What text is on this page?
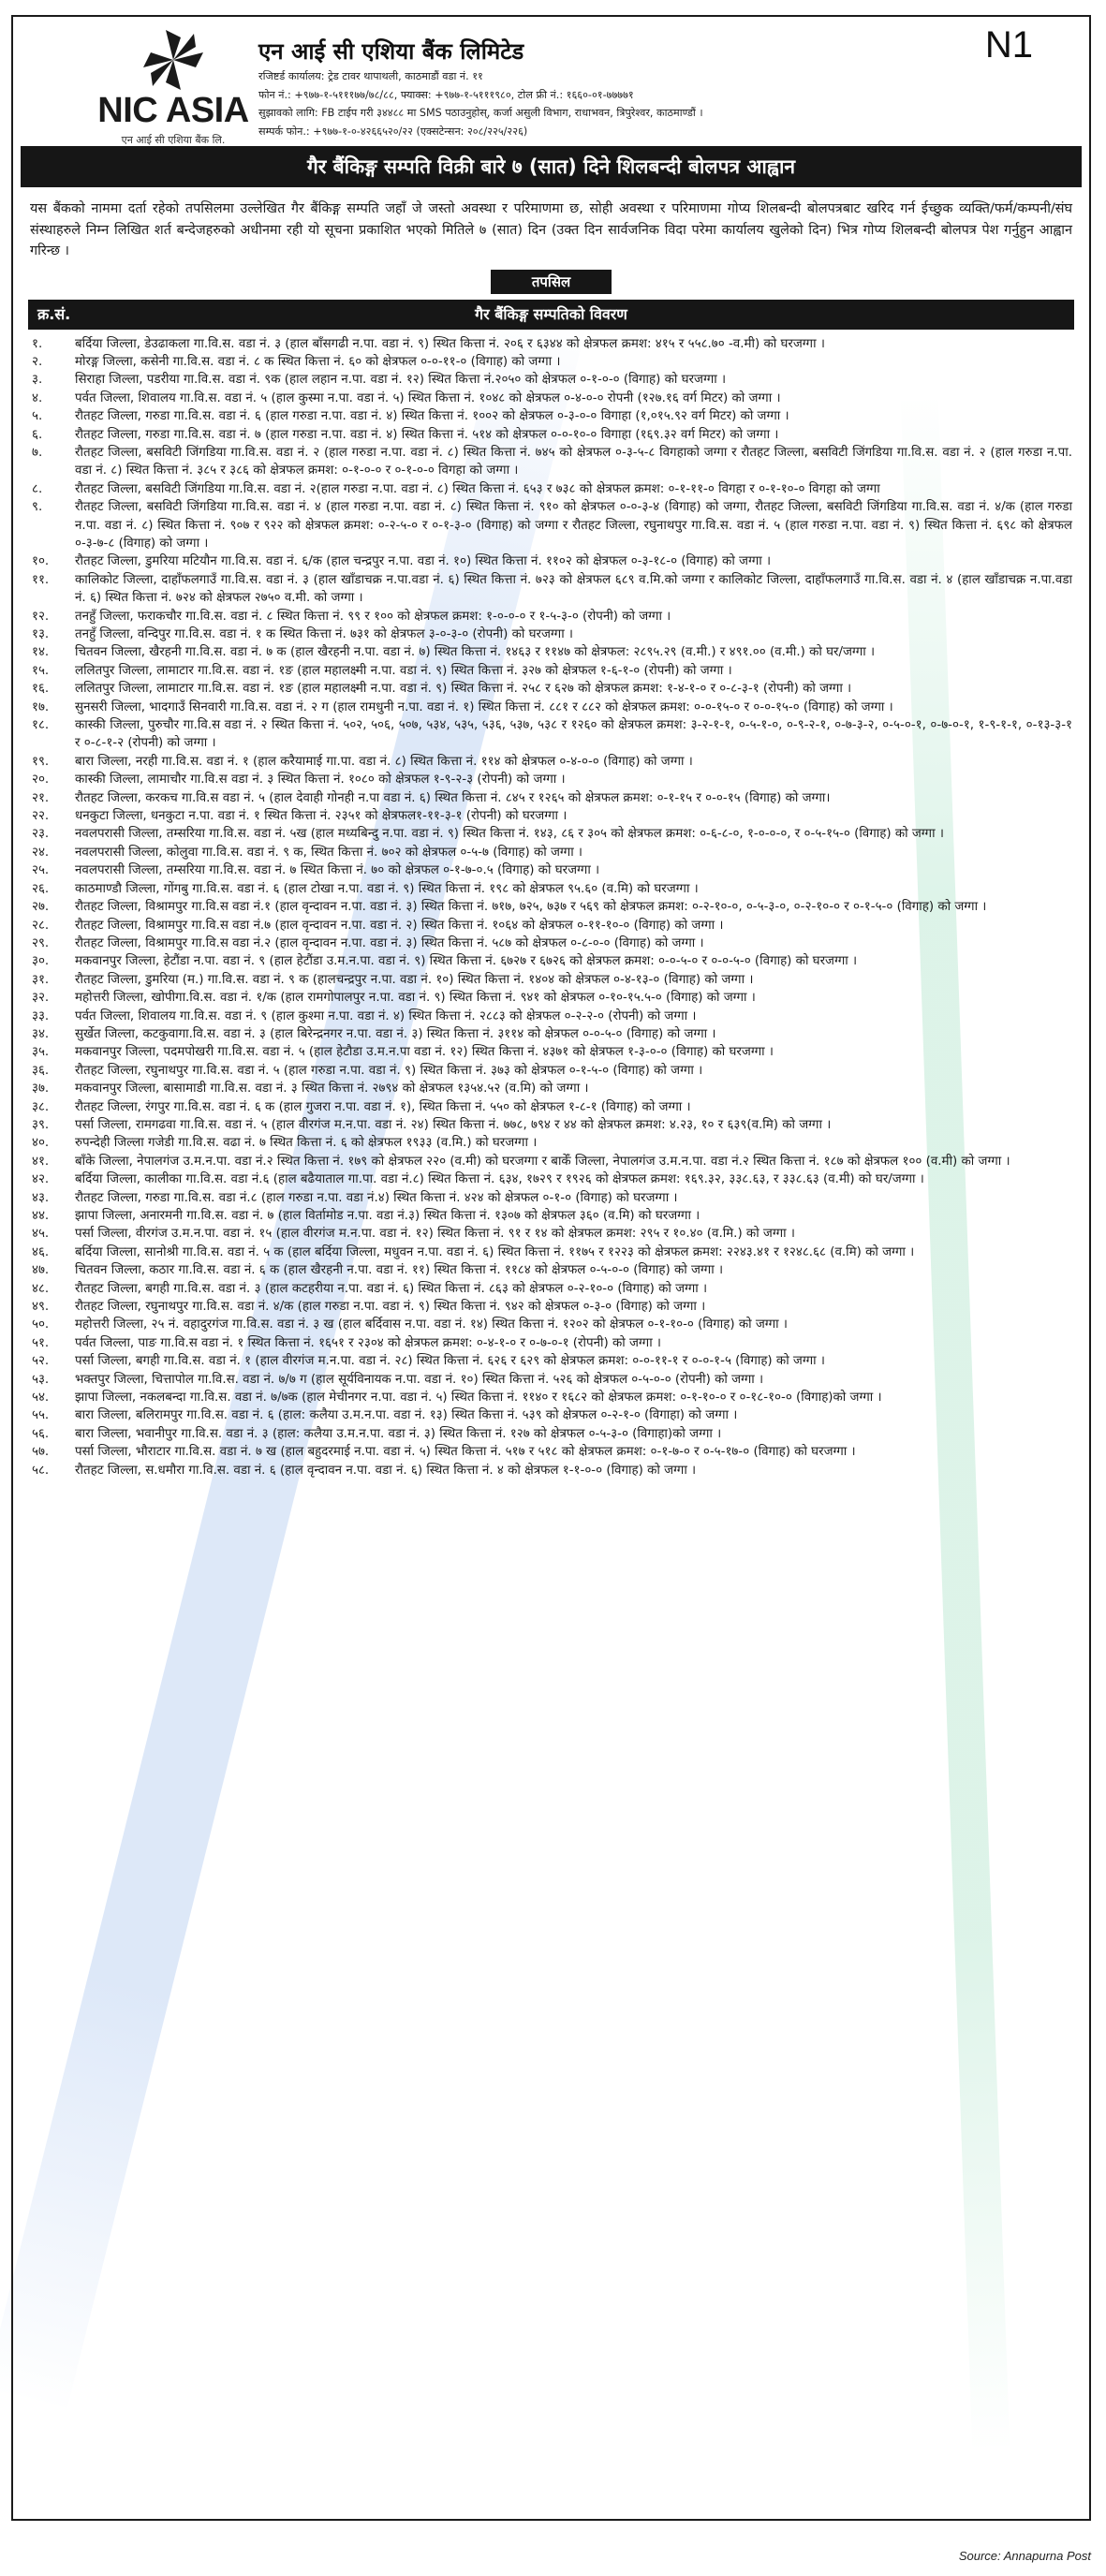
NIC ASIA
एन आई सी एशिया बैंक लि.
एन आई सी एशिया बैंक लिमिटेड
रजिष्टर्ड कार्यालय: ट्रेड टावर थापाथली, काठमाडौं वडा नं. ११
फोन नं.: +९७७-१-५१११७७/७८/८८, फ्याक्स: +९७७-१-५१११९८०, टोल फ्री नं.: १६६०-०१-७७७७१
सुझावको लागि: FB टाईप गरी ३४४८८ मा SMS पठाउनुहोस्, कर्जा असुली विभाग, राधाभवन, त्रिपुरेश्वर, काठमाण्डौं ।
सम्पर्क फोन.: +९७७-१-०-४२६६५२०/२२ (एक्सटेन्सन: २०८/२२५/२२६)
N1
गैर बैंकिङ्ग सम्पति विक्री बारे ७ (सात) दिने शिलबन्दी बोलपत्र आह्वान

यस बैंकको नाममा दर्ता रहेको तपसिलमा उल्लेखित गैर बैंकिङ्ग सम्पति जहाँ जे जस्तो अवस्था र परिमाणमा छ, सोही अवस्था र परिमाणमा गोप्य शिलबन्दी बोलपत्रबाट खरिद गर्न ईच्छुक व्यक्ति/फर्म/कम्पनी/संघ संस्थाहरुले निम्न लिखित शर्त बन्देजहरुको अधीनमा रही यो सूचना प्रकाशित भएको मितिले ७ (सात) दिन (उक्त दिन सार्वजनिक विदा परेमा कार्यालय खुलेको दिन) भित्र गोप्य शिलबन्दी बोलपत्र पेश गर्नुहुन आह्वान गरिन्छ ।

तपसिल
गैर बैंकिङ्ग सम्पतिको विवरण
क्र.सं.
१.	बर्दिया जिल्ला, डेउढाकला गा.वि.स. वडा नं. ३ (हाल बाँसगढी न.पा. वडा नं. ९) स्थित कित्ता नं. २०६ र ६३४४ को क्षेत्रफल क्रमश: ४१५ र ५५८.७० -व.मी) को घरजग्गा ।
२.	मोरङ्ग जिल्ला, कसेनी गा.वि.स. वडा नं. ८ क स्थित कित्ता नं. ६० को क्षेत्रफल ०-०-११-० (विगाह) को जग्गा ।
३.	सिराहा जिल्ला, पडरीया गा.वि.स. वडा नं. ९क (हाल लहान न.पा. वडा नं. १२) स्थित कित्ता नं.२०५० को क्षेत्रफल ०-१-०-० (विगाह) को घरजग्गा ।
४.	पर्वत जिल्ला, शिवालय गा.वि.स. वडा नं. ५ (हाल कुस्मा न.पा. वडा नं. ५) स्थित कित्ता नं. १०४८ को क्षेत्रफल ०-४-०-० रोपनी (१२७.१६ वर्ग मिटर) को जग्गा ।
५.	रौतहट जिल्ला, गरुडा गा.वि.स. वडा नं. ६ (हाल गरुडा न.पा. वडा नं. ४) स्थित कित्ता नं. १००२ को क्षेत्रफल ०-३-०-० विगाहा (१,०१५.९२ वर्ग मिटर) को जग्गा ।
६.	रौतहट जिल्ला, गरुडा गा.वि.स. वडा नं. ७ (हाल गरुडा न.पा. वडा नं. ४) स्थित कित्ता नं. ५१४ को क्षेत्रफल ०-०-१०-० विगाहा (१६९.३२ वर्ग मिटर) को जग्गा ।
७.	रौतहट जिल्ला, बसविटी जिंगडिया गा.वि.स. वडा नं. २ (हाल गरुडा न.पा. वडा नं. ८) स्थित कित्ता नं. ७४५ को क्षेत्रफल ०-३-५-८ विगहाको जग्गा र रौतहट जिल्ला, बसविटी जिंगडिया गा.वि.स. वडा नं. २ (हाल गरुडा न.पा. वडा नं. ८) स्थित कित्ता नं. ३८५ र ३८६ को क्षेत्रफल क्रमश: ०-१-०-० र ०-१-०-० विगहा को जग्गा ।
८.	रौतहट जिल्ला, बसविटी जिंगडिया गा.वि.स. वडा नं. २(हाल गरुडा न.पा. वडा नं. ८) स्थित कित्ता नं. ६५३ र ७३८ को क्षेत्रफल क्रमश: ०-१-११-० विगहा र ०-१-१०-० विगहा को जग्गा
९.	रौतहट जिल्ला, बसविटी जिंगडिया गा.वि.स. वडा नं. ४ (हाल गरुडा न.पा. वडा नं. ८) स्थित कित्ता नं. ९१० को क्षेत्रफल ०-०-३-४ (विगाह) को जग्गा, रौतहट जिल्ला, बसविटी जिंगडिया गा.वि.स. वडा नं. ४/क (हाल गरुडा न.पा. वडा नं. ८) स्थित कित्ता नं. ९०७ र ९२२ को क्षेत्रफल क्रमश: ०-२-५-० र ०-१-३-० (विगाह) को जग्गा र रौतहट जिल्ला, रघुनाथपुर गा.वि.स. वडा नं. ५ (हाल गरुडा न.पा. वडा नं. ९) स्थित कित्ता नं. ६९८ को क्षेत्रफल ०-३-७-८ (विगाह) को जग्गा ।
१०.	रौतहट जिल्ला, डुमरिया मटियौन गा.वि.स. वडा नं. ६/क (हाल चन्द्रपुर न.पा. वडा नं. १०) स्थित कित्ता नं. ११०२ को क्षेत्रफल ०-३-१८-० (विगाह) को जग्गा ।
११.	कालिकोट जिल्ला, दाहाँफलगाउँ गा.वि.स. वडा नं. ३ (हाल खाँडाचक्र न.पा.वडा नं. ६) स्थित कित्ता नं. ७२३ को क्षेत्रफल ६८९ व.मि.को जग्गा र कालिकोट जिल्ला, दाहाँफलगाउँ गा.वि.स. वडा नं. ४ (हाल खाँडाचक्र न.पा.वडा नं. ६) स्थित कित्ता नं. ७२४ को क्षेत्रफल २७५० व.मी. को जग्गा ।
१२.	तनहुँ जिल्ला, फराकचौर गा.वि.स. वडा नं. ८ स्थित कित्ता नं. ९९ र १०० को क्षेत्रफल क्रमश: १-०-०-० र १-५-३-० (रोपनी) को जग्गा ।
१३.	तनहुँ जिल्ला, वन्दिपुर गा.वि.स. वडा नं. १ क स्थित कित्ता नं. ७३१ को क्षेत्रफल ३-०-३-० (रोपनी) को घरजग्गा ।
१४.	चितवन जिल्ला, खैरहनी गा.वि.स. वडा नं. ७ क (हाल खैरहनी न.पा. वडा नं. ७) स्थित कित्ता नं. १४६३ र ११४७ को क्षेत्रफल: २८९५.२९ (व.मी.) र ४९१.०० (व.मी.) को घर/जग्गा ।
१५.	ललितपुर जिल्ला, लामाटार गा.वि.स. वडा नं. १ङ (हाल महालक्ष्मी न.पा. वडा नं. ९) स्थित कित्ता नं. ३२७ को क्षेत्रफल १-६-१-० (रोपनी) को जग्गा ।
१६.	ललितपुर जिल्ला, लामाटार गा.वि.स. वडा नं. १ङ (हाल महालक्ष्मी न.पा. वडा नं. ९) स्थित कित्ता नं. २५८ र ६२७ को क्षेत्रफल क्रमश: १-४-१-० र ०-८-३-१ (रोपनी) को जग्गा ।
१७.	सुनसरी जिल्ला, भादगाउँ सिनवारी गा.वि.स. वडा नं. २ ग (हाल रामधुनी न.पा. वडा नं. १) स्थित कित्ता नं. ८८१ र ८८२ को क्षेत्रफल क्रमश: ०-०-१५-० र ०-०-१५-० (विगाह) को जग्गा ।
१८.	कास्की जिल्ला, पुरुचौर गा.वि.स वडा नं. २ स्थित कित्ता नं. ५०२, ५०६, ५०७, ५३४, ५३५, ५३६, ५३७, ५३८ र १२६० को क्षेत्रफल क्रमश: ३-२-१-१, ०-५-१-०, ०-९-२-१, ०-७-३-२, ०-५-०-१, ०-७-०-१, १-९-१-१, ०-१३-३-१ र ०-८-१-२ (रोपनी) को जग्गा ।
१९.	बारा जिल्ला, नरही गा.वि.स. वडा नं. १ (हाल करैयामाई गा.पा. वडा नं. ८) स्थित कित्ता नं. ११४ को क्षेत्रफल ०-४-०-० (विगाह) को जग्गा ।
२०.	कास्की जिल्ला, लामाचौर गा.वि.स वडा नं. ३ स्थित कित्ता नं. १०८० को क्षेत्रफल १-९-२-३ (रोपनी) को जग्गा ।
२१.	रौतहट जिल्ला, करकच गा.वि.स वडा नं. ५ (हाल देवाही गोनही न.पा वडा नं. ६) स्थित कित्ता नं. ८४५ र १२६५ को क्षेत्रफल क्रमश: ०-१-१५ र ०-०-१५ (विगाह) को जग्गा।
२२.	धनकुटा जिल्ला, धनकुटा न.पा. वडा नं. १ स्थित कित्ता नं. २३५१ को क्षेत्रफल१-११-३-१ (रोपनी) को घरजग्गा ।
२३.	नवलपरासी जिल्ला, तम्सरिया गा.वि.स. वडा नं. ५ख (हाल मध्यबिन्दु न.पा. वडा नं. ९) स्थित कित्ता नं. १४३, ८६ र ३०५ को क्षेत्रफल क्रमश: ०-६-८-०, १-०-०-०, र ०-५-१५-० (विगाह) को जग्गा ।
२४.	नवलपरासी जिल्ला, कोलुवा गा.वि.स. वडा नं. ९ क, स्थित कित्ता नं. ७०२ को क्षेत्रफल ०-५-७ (विगाह) को जग्गा ।
२५.	नवलपरासी जिल्ला, तम्सरिया गा.वि.स. वडा नं. ७ स्थित कित्ता नं. ७० को क्षेत्रफल ०-१-७-०.५ (विगाह) को घरजग्गा ।
२६.	काठमाण्डौ जिल्ला, गोंगबु गा.वि.स. वडा नं. ६ (हाल टोखा न.पा. वडा नं. ९) स्थित कित्ता नं. १९८ को क्षेत्रफल ९५.६० (व.मि) को घरजग्गा ।
२७.	रौतहट जिल्ला, विश्रामपुर गा.वि.स वडा नं.१ (हाल वृन्दावन न.पा. वडा नं. ३) स्थित कित्ता नं. ७१७, ७२५, ७३७ र ५६९ को क्षेत्रफल क्रमश: ०-२-१०-०, ०-५-३-०, ०-२-१०-० र ०-१-५-० (विगाह) को जग्गा ।
२८.	रौतहट जिल्ला, विश्रामपुर गा.वि.स वडा नं.७ (हाल वृन्दावन न.पा. वडा नं. २) स्थित कित्ता नं. १०६४ को क्षेत्रफल ०-११-१०-० (विगाह) को जग्गा ।
२९.	रौतहट जिल्ला, विश्रामपुर गा.वि.स वडा नं.२ (हाल वृन्दावन न.पा. वडा नं. ३) स्थित कित्ता नं. ५८७ को क्षेत्रफल ०-८-०-० (विगाह) को जग्गा ।
३०.	मकवानपुर जिल्ला, हेटौंडा न.पा. वडा नं. ९ (हाल हेटौंडा उ.म.न.पा. वडा नं. ९) स्थित कित्ता नं. ६७२७ र ६७२६ को क्षेत्रफल क्रमश: ०-०-५-० र ०-०-५-० (विगाह) को घरजग्गा ।
३१.	रौतहट जिल्ला, डुमरिया (म.) गा.वि.स. वडा नं. ९ क (हालचन्द्रपुर न.पा. वडा नं. १०) स्थित कित्ता नं. १४०४ को क्षेत्रफल ०-४-१३-० (विगाह) को जग्गा ।
३२.	महोत्तरी जिल्ला, खोपीगा.वि.स. वडा नं. १/क (हाल रामगोपालपुर न.पा. वडा नं. ९) स्थित कित्ता नं. ९४१ को क्षेत्रफल ०-१०-१५.५-० (विगाह) को जग्गा ।
३३.	पर्वत जिल्ला, शिवालय गा.वि.स. वडा नं. ९ (हाल कुश्मा न.पा. वडा नं. ४) स्थित कित्ता नं. २८८३ को क्षेत्रफल ०-२-२-० (रोपनी) को जग्गा ।
३४.	सुर्खेत जिल्ला, कटकुवागा.वि.स. वडा नं. ३ (हाल बिरेन्द्रनगर न.पा. वडा नं. ३) स्थित कित्ता नं. ३११४ को क्षेत्रफल ०-०-५-० (विगाह) को जग्गा ।
३५.	मकवानपुर जिल्ला, पदमपोखरी गा.वि.स. वडा नं. ५ (हाल हेटौडा उ.म.न.पा वडा नं. १२) स्थित कित्ता नं. ४३७१ को क्षेत्रफल १-३-०-० (विगाह) को घरजग्गा ।
३६.	रौतहट जिल्ला, रघुनाथपुर गा.वि.स. वडा नं. ५ (हाल गरुडा न.पा. वडा नं. ९) स्थित कित्ता नं. ३७३ को क्षेत्रफल ०-१-५-० (विगाह) को जग्गा ।
३७.	मकवानपुर जिल्ला, बासामाडी गा.वि.स. वडा नं. ३ स्थित कित्ता नं. २७९४ को क्षेत्रफल १३५४.५२ (व.मि) को जग्गा ।
३८.	रौतहट जिल्ला, रंगपुर गा.वि.स. वडा नं. ६ क (हाल गुजरा न.पा. वडा नं. १), स्थित कित्ता नं. ५५० को क्षेत्रफल १-८-१ (विगाह) को जग्गा ।
३९.	पर्सा जिल्ला, रामगढवा गा.वि.स. वडा नं. ५ (हाल वीरगंज म.न.पा. वडा नं. २४) स्थित कित्ता नं. ७७८, ७९४ र ४४ को क्षेत्रफल क्रमश: ४.२३, १० र ६३९(व.मि) को जग्गा ।
४०.	रुपन्देही जिल्ला गजेडी गा.वि.स. वढा नं. ७ स्थित कित्ता नं. ६ को क्षेत्रफल १९३३ (व.मि.) को घरजग्गा ।
४१.	बाँके जिल्ला, नेपालगंज उ.म.न.पा. वडा नं.२ स्थित कित्ता नं. १७९ को क्षेत्रफल २२० (व.मी) को घरजग्गा र बाकेँ जिल्ला, नेपालगंज उ.म.न.पा. वडा नं.२ स्थित कित्ता नं. १८७ को क्षेत्रफल १०० (व.मी) को जग्गा ।
४२.	बर्दिया जिल्ला, कालीका गा.वि.स. वडा नं.६ (हाल बढैयाताल गा.पा. वडा नं.८) स्थित कित्ता नं. ६३४, १७२९ र १९२६ को क्षेत्रफल क्रमश: १६९.३२, ३३८.६३, र ३३८.६३ (व.मी) को घर/जग्गा ।
४३.	रौतहट जिल्ला, गरुडा गा.वि.स. वडा नं.८ (हाल गरुडा न.पा. वडा नं.४) स्थित कित्ता नं. ४२४ को क्षेत्रफल ०-१-० (विगाह) को घरजग्गा ।
४४.	झापा जिल्ला, अनारमनी गा.वि.स. वडा नं. ७ (हाल विर्तामोड न.पा. वडा नं.३) स्थित कित्ता नं. १३०७ को क्षेत्रफल ३६० (व.मि) को घरजग्गा ।
४५.	पर्सा जिल्ला, वीरगंज उ.म.न.पा. वडा नं. १५ (हाल वीरगंज म.न.पा. वडा नं. १२) स्थित कित्ता नं. ९१ र १४ को क्षेत्रफल क्रमश: २९५ र १०.४० (व.मि.) को जग्गा ।
४६.	बर्दिया जिल्ला, सानोश्री गा.वि.स. वडा नं. ५ क (हाल बर्दिया जिल्ला, मधुवन न.पा. वडा नं. ६) स्थित कित्ता नं. ११७५ र १२२३ को क्षेत्रफल क्रमश: २२४३.४१ र १२४८.६८ (व.मि) को जग्गा ।
४७.	चितवन जिल्ला, कठार गा.वि.स. वडा नं. ६ क (हाल खैरहनी न.पा. वडा नं. ११) स्थित कित्ता नं. ११८४ को क्षेत्रफल ०-५-०-० (विगाह) को जग्गा ।
४८.	रौतहट जिल्ला, बगही गा.वि.स. वडा नं. ३ (हाल कटहरीया न.पा. वडा नं. ६) स्थित कित्ता नं. ८६३ को क्षेत्रफल ०-२-१०-० (विगाह) को जग्गा ।
४९.	रौतहट जिल्ला, रघुनाथपुर गा.वि.स. वडा नं. ४/क (हाल गरुडा न.पा. वडा नं. ९) स्थित कित्ता नं. ९४२ को क्षेत्रफल ०-३-० (विगाह) को जग्गा ।
५०.	महोत्तरी जिल्ला, २५ नं. वहादुरगंज गा.वि.स. वडा नं. ३ ख (हाल बर्दिवास न.पा. वडा नं. १४) स्थित कित्ता नं. १२०२ को क्षेत्रफल ०-१-१०-० (विगाह) को जग्गा ।
५१.	पर्वत जिल्ला, पाङ गा.वि.स वडा नं. १ स्थित कित्ता नं. १६५१ र २३०४ को क्षेत्रफल क्रमश: ०-४-१-० र ०-७-०-१ (रोपनी) को जग्गा ।
५२.	पर्सा जिल्ला, बगही गा.वि.स. वडा नं. १ (हाल वीरगंज म.न.पा. वडा नं. २८) स्थित कित्ता नं. ६२६ र ६२९ को क्षेत्रफल क्रमश: ०-०-११-१ र ०-०-१-५ (विगाह) को जग्गा ।
५३.	भक्तपुर जिल्ला, चित्तापोल गा.वि.स. वडा नं. ७/७ ग (हाल सूर्यविनायक न.पा. वडा नं. १०) स्थित कित्ता नं. ५२६ को क्षेत्रफल ०-५-०-० (रोपनी) को जग्गा ।
५४.	झापा जिल्ला, नकलबन्दा गा.वि.स. वडा नं. ७/७क (हाल मेचीनगर न.पा. वडा नं. ५) स्थित कित्ता नं. ११४० र १६८२ को क्षेत्रफल क्रमश: ०-१-१०-० र ०-१८-१०-० (विगाह)को जग्गा ।
५५.	बारा जिल्ला, बलिरामपुर गा.वि.स. वडा नं. ६ (हाल: कलैया उ.म.न.पा. वडा नं. १३) स्थित कित्ता नं. ५३९ को क्षेत्रफल ०-२-१-० (विगाहा) को जग्गा ।
५६.	बारा जिल्ला, भवानीपुर गा.वि.स. वडा नं. ३ (हाल: कलैया उ.म.न.पा. वडा नं. ३) स्थित कित्ता नं. १२७ को क्षेत्रफल ०-५-३-० (विगाहा)को जग्गा ।
५७.	पर्सा जिल्ला, भौराटार गा.वि.स. वडा नं. ७ ख (हाल बहुदरमाई न.पा. वडा नं. ५) स्थित कित्ता नं. ५१७ र ५१८ को क्षेत्रफल क्रमश: ०-१-७-० र ०-५-१७-० (विगाह) को घरजग्गा ।
५८.	रौतहट जिल्ला, स.धमौरा गा.वि.स. वडा नं. ६ (हाल वृन्दावन न.पा. वडा नं. ६) स्थित कित्ता नं. ४ को क्षेत्रफल १-१-०-० (विगाह) को जग्गा ।
Source: Annapurna Post
